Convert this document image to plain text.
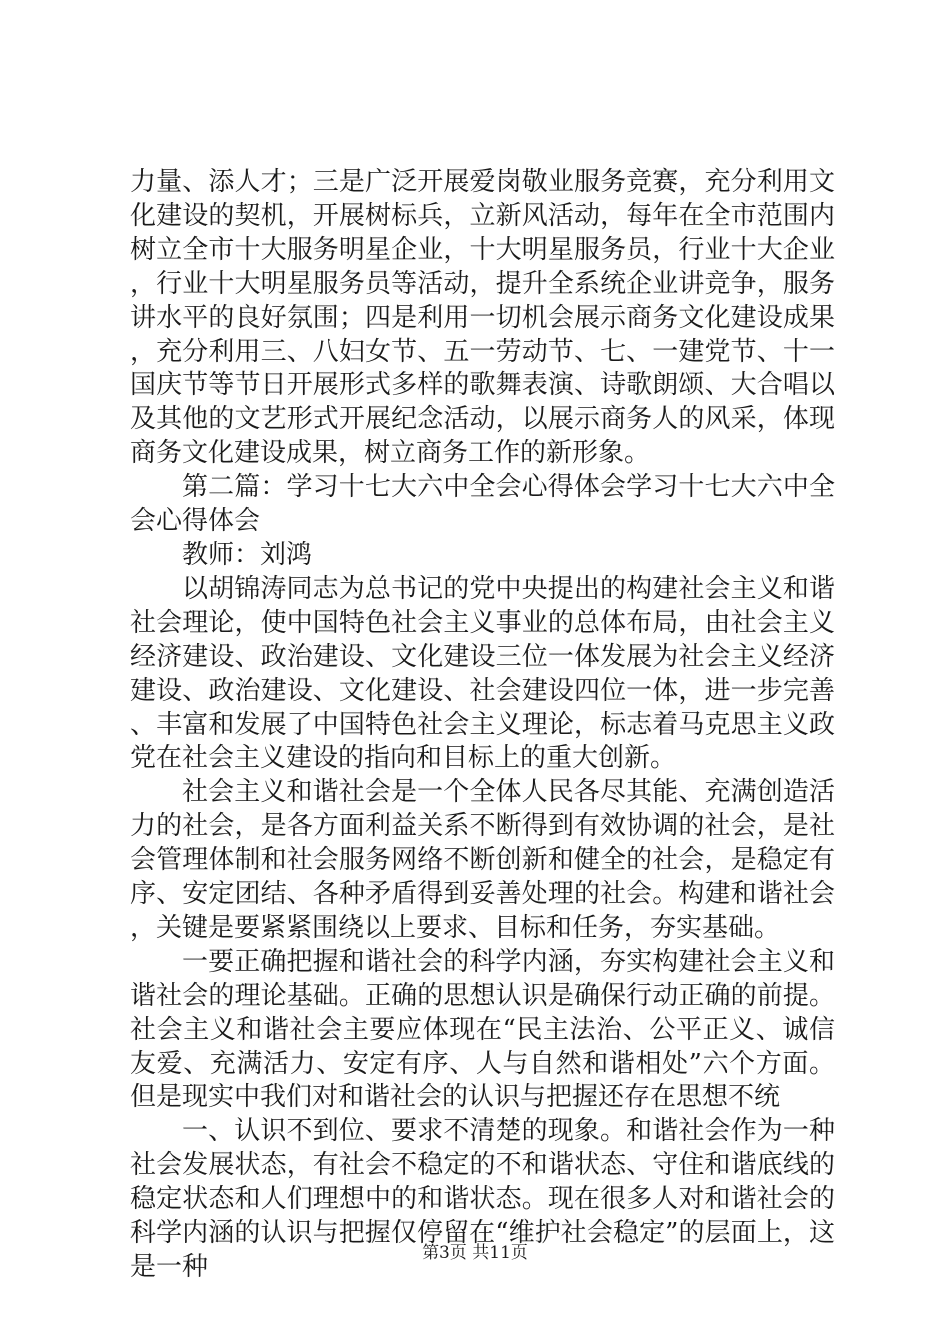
力量、添人才；三是广泛开展爱岗敬业服务竞赛，充分利用文化建设的契机，开展树标兵，立新风活动，每年在全市范围内树立全市十大服务明星企业，十大明星服务员，行业十大企业，行业十大明星服务员等活动，提升全系统企业讲竞争，服务讲水平的良好氛围；四是利用一切机会展示商务文化建设成果，充分利用三、八妇女节、五一劳动节、七、一建党节、十一国庆节等节日开展形式多样的歌舞表演、诗歌朗颂、大合唱以及其他的文艺形式开展纪念活动，以展示商务人的风采，体现商务文化建设成果，树立商务工作的新形象。

第二篇：学习十七大六中全会心得体会学习十七大六中全会心得体会

教师：刘鸿

以胡锦涛同志为总书记的党中央提出的构建社会主义和谐社会理论，使中国特色社会主义事业的总体布局，由社会主义经济建设、政治建设、文化建设三位一体发展为社会主义经济建设、政治建设、文化建设、社会建设四位一体，进一步完善、丰富和发展了中国特色社会主义理论，标志着马克思主义政党在社会主义建设的指向和目标上的重大创新。

社会主义和谐社会是一个全体人民各尽其能、充满创造活力的社会，是各方面利益关系不断得到有效协调的社会，是社会管理体制和社会服务网络不断创新和健全的社会，是稳定有序、安定团结、各种矛盾得到妥善处理的社会。构建和谐社会，关键是要紧紧围绕以上要求、目标和任务，夯实基础。

一要正确把握和谐社会的科学内涵，夯实构建社会主义和谐社会的理论基础。正确的思想认识是确保行动正确的前提。社会主义和谐社会主要应体现在“民主法治、公平正义、诚信友爱、充满活力、安定有序、人与自然和谐相处”六个方面。但是现实中我们对和谐社会的认识与把握还存在思想不统

一、认识不到位、要求不清楚的现象。和谐社会作为一种社会发展状态，有社会不稳定的不和谐状态、守住和谐底线的稳定状态和人们理想中的和谐状态。现在很多人对和谐社会的科学内涵的认识与把握仅停留在“维护社会稳定”的层面上，这是一种	第3页 共11页
